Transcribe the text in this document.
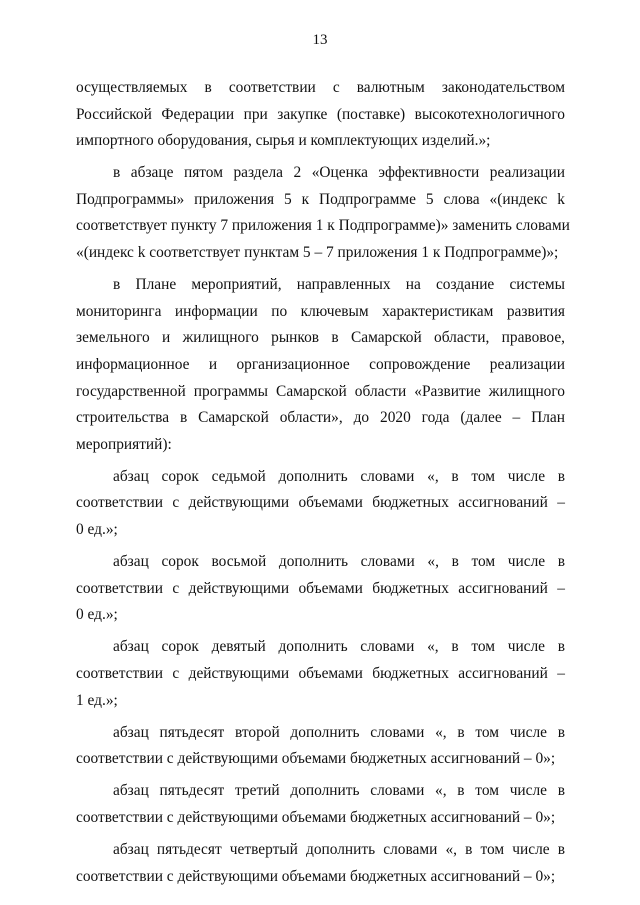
13
осуществляемых в соответствии с валютным законодательством
Российской Федерации при закупке (поставке) высокотехнологичного
импортного оборудования, сырья и комплектующих изделий.»;
в абзаце пятом раздела 2 «Оценка эффективности реализации
Подпрограммы» приложения 5 к Подпрограмме 5 слова «(индекс k
соответствует пункту 7 приложения 1 к Подпрограмме)» заменить словами
«(индекс k соответствует пунктам 5 – 7 приложения 1 к Подпрограмме)»;
в Плане мероприятий, направленных на создание системы
мониторинга информации по ключевым характеристикам развития
земельного и жилищного рынков в Самарской области, правовое,
информационное и организационное сопровождение реализации
государственной программы Самарской области «Развитие жилищного
строительства в Самарской области», до 2020 года (далее – План
мероприятий):
абзац сорок седьмой дополнить словами «, в том числе в
соответствии с действующими объемами бюджетных ассигнований –
0 ед.»;
абзац сорок восьмой дополнить словами «, в том числе в
соответствии с действующими объемами бюджетных ассигнований –
0 ед.»;
абзац сорок девятый дополнить словами «, в том числе в
соответствии с действующими объемами бюджетных ассигнований –
1 ед.»;
абзац пятьдесят второй дополнить словами «, в том числе в
соответствии с действующими объемами бюджетных ассигнований – 0»;
абзац пятьдесят третий дополнить словами «, в том числе в
соответствии с действующими объемами бюджетных ассигнований – 0»;
абзац пятьдесят четвертый дополнить словами «, в том числе в
соответствии с действующими объемами бюджетных ассигнований – 0»;
